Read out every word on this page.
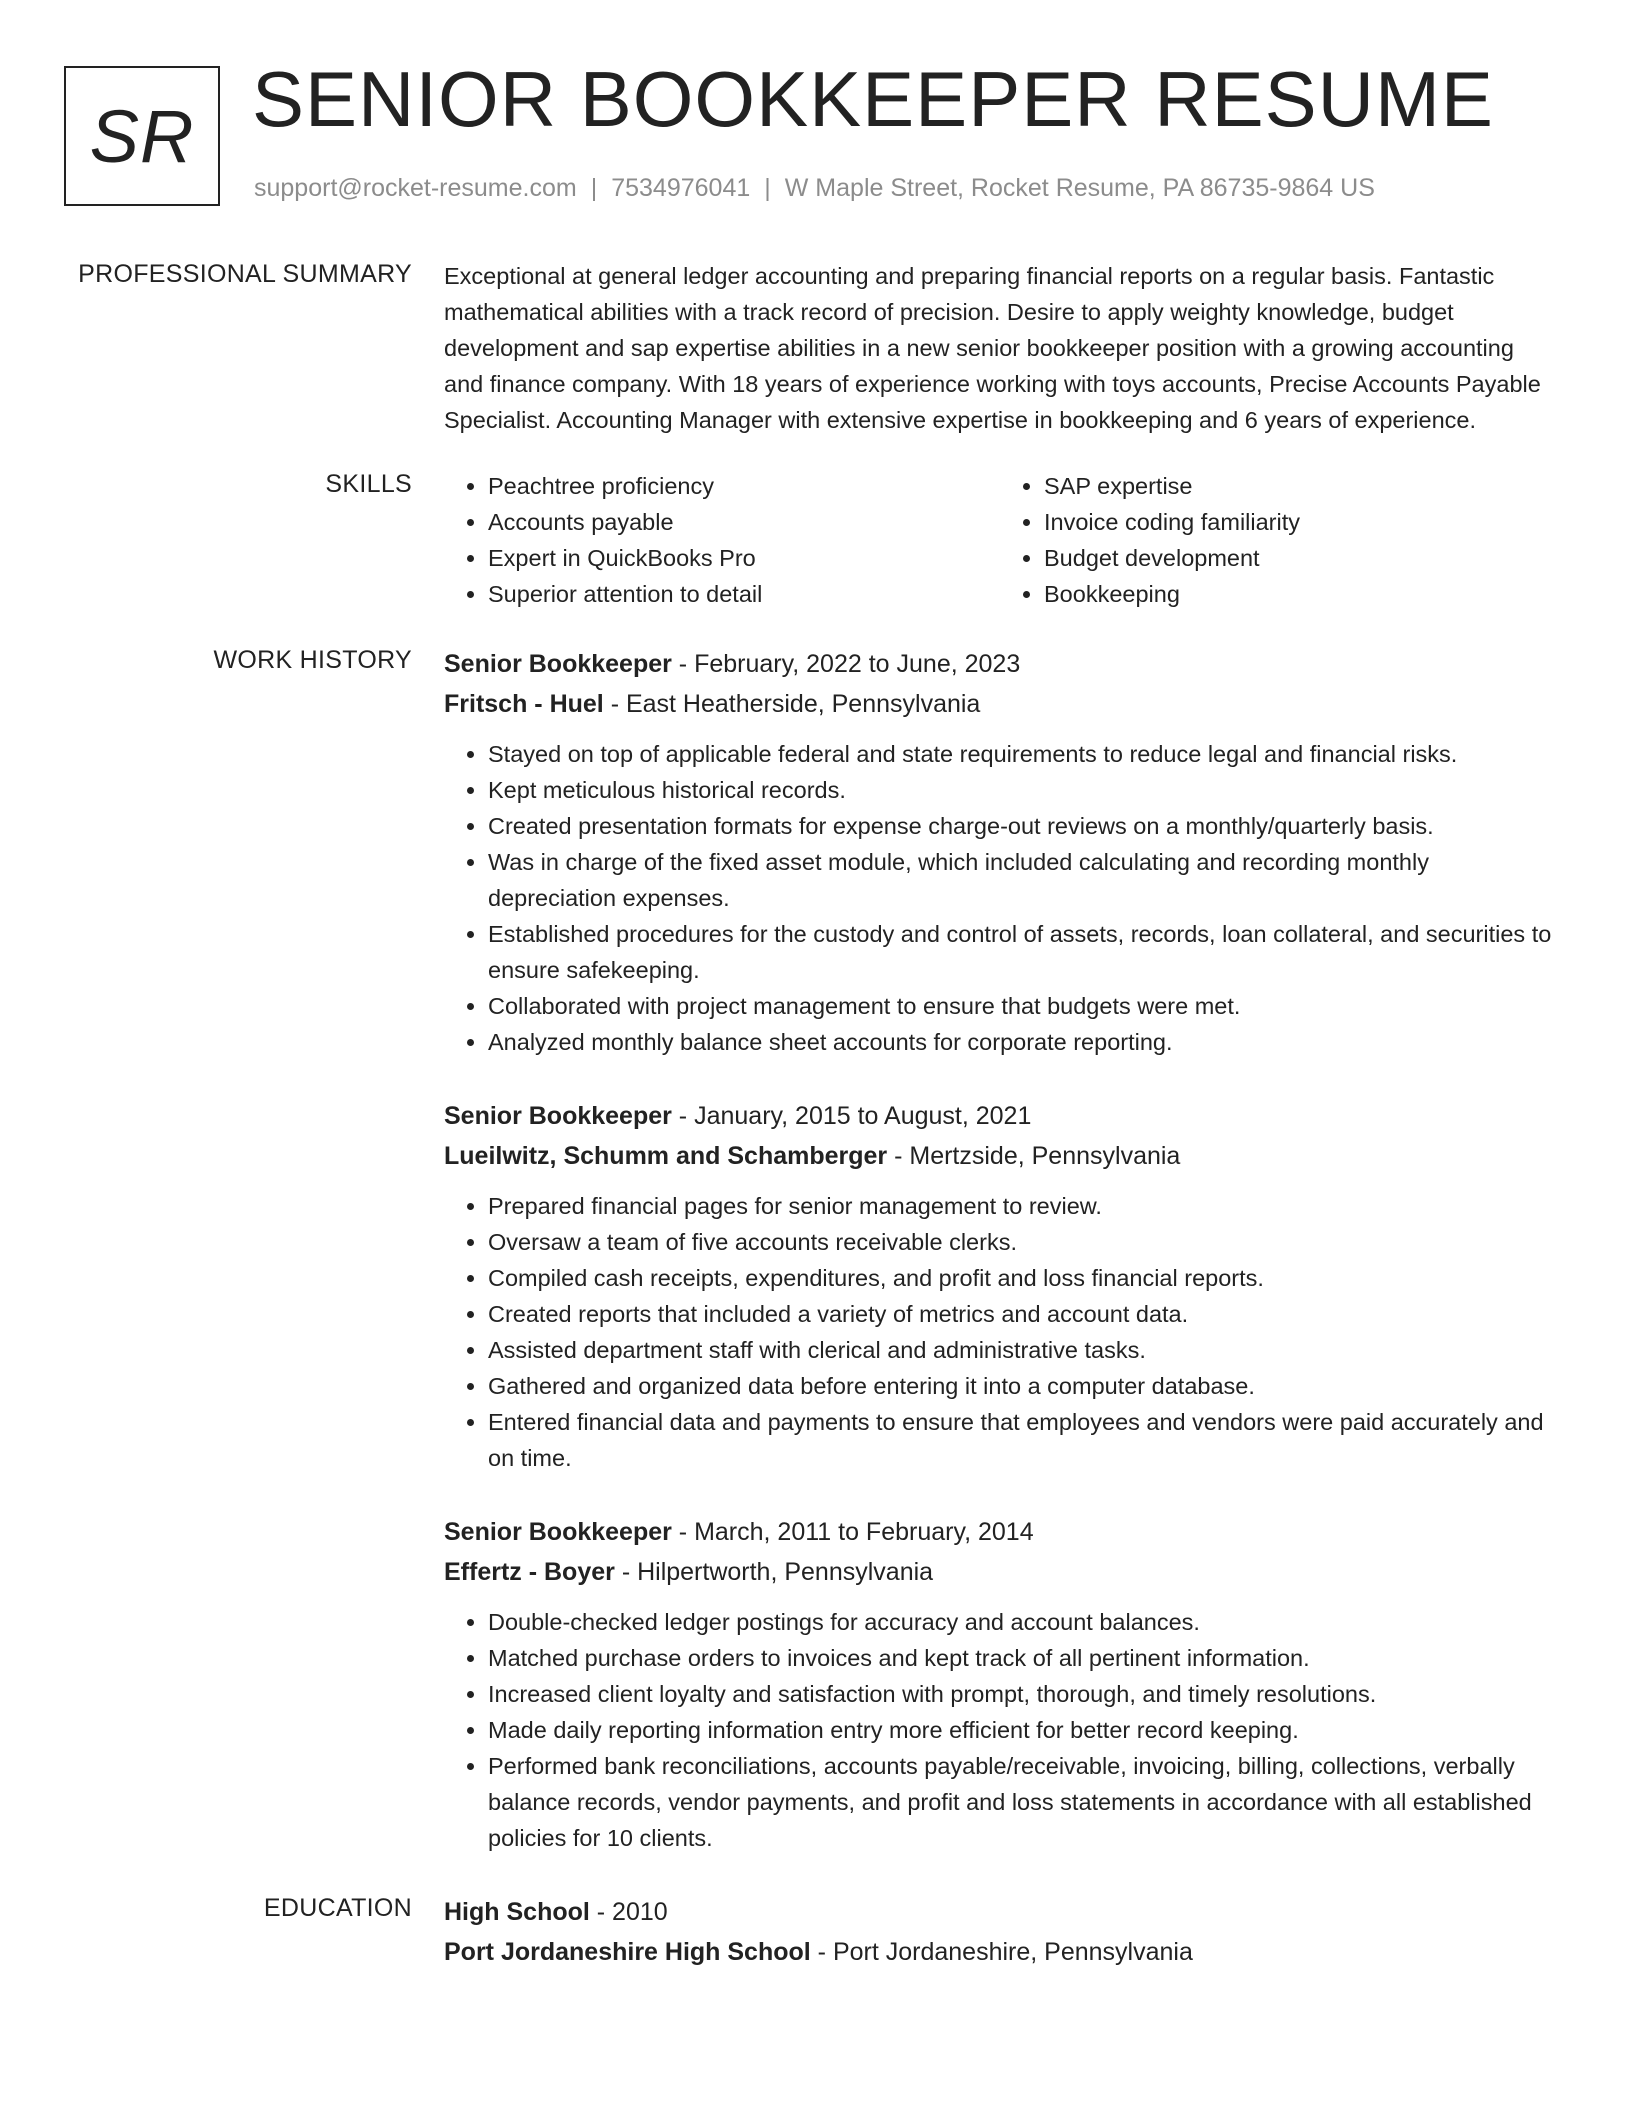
SR SENIOR BOOKKEEPER RESUME
support@rocket-resume.com | 7534976041 | W Maple Street, Rocket Resume, PA 86735-9864 US
PROFESSIONAL SUMMARY Exceptional at general ledger accounting and preparing financial reports on a regular basis. Fantastic mathematical abilities with a track record of precision. Desire to apply weighty knowledge, budget development and sap expertise abilities in a new senior bookkeeper position with a growing accounting and finance company. With 18 years of experience working with toys accounts, Precise Accounts Payable Specialist. Accounting Manager with extensive expertise in bookkeeping and 6 years of experience.

SKILLS
•	Peachtree proficiency
• Accounts payable
• Expert in QuickBooks Pro
• Superior attention to detail
• SAP expertise
• Invoice coding familiarity
• Budget development
• Bookkeeping
WORK HISTORY Senior Bookkeeper - February, 2022 to June, 2023
Fritsch - Huel - East Heatherside, Pennsylvania
• Stayed on top of applicable federal and state requirements to reduce legal and financial risks.
• Kept meticulous historical records.
• Created presentation formats for expense charge-out reviews on a monthly/quarterly basis.
• Was in charge of the fixed asset module, which included calculating and recording monthly depreciation expenses.
• Established procedures for the custody and control of assets, records, loan collateral, and securities to ensure safekeeping.
• Collaborated with project management to ensure that budgets were met.
• Analyzed monthly balance sheet accounts for corporate reporting.
Senior Bookkeeper - January, 2015 to August, 2021
Lueilwitz, Schumm and Schamberger - Mertzside, Pennsylvania
• Prepared financial pages for senior management to review.
• Oversaw a team of five accounts receivable clerks.
• Compiled cash receipts, expenditures, and profit and loss financial reports.
• Created reports that included a variety of metrics and account data.
• Assisted department staff with clerical and administrative tasks.
• Gathered and organized data before entering it into a computer database.
• Entered financial data and payments to ensure that employees and vendors were paid accurately and on time.
Senior Bookkeeper - March, 2011 to February, 2014
Effertz - Boyer - Hilpertworth, Pennsylvania
• Double-checked ledger postings for accuracy and account balances.
• Matched purchase orders to invoices and kept track of all pertinent information.
• Increased client loyalty and satisfaction with prompt, thorough, and timely resolutions.
• Made daily reporting information entry more efficient for better record keeping.
• Performed bank reconciliations, accounts payable/receivable, invoicing, billing, collections, verbally balance records, vendor payments, and profit and loss statements in accordance with all established policies for 10 clients.
EDUCATION High School - 2010
Port Jordaneshire High School - Port Jordaneshire, Pennsylvania
